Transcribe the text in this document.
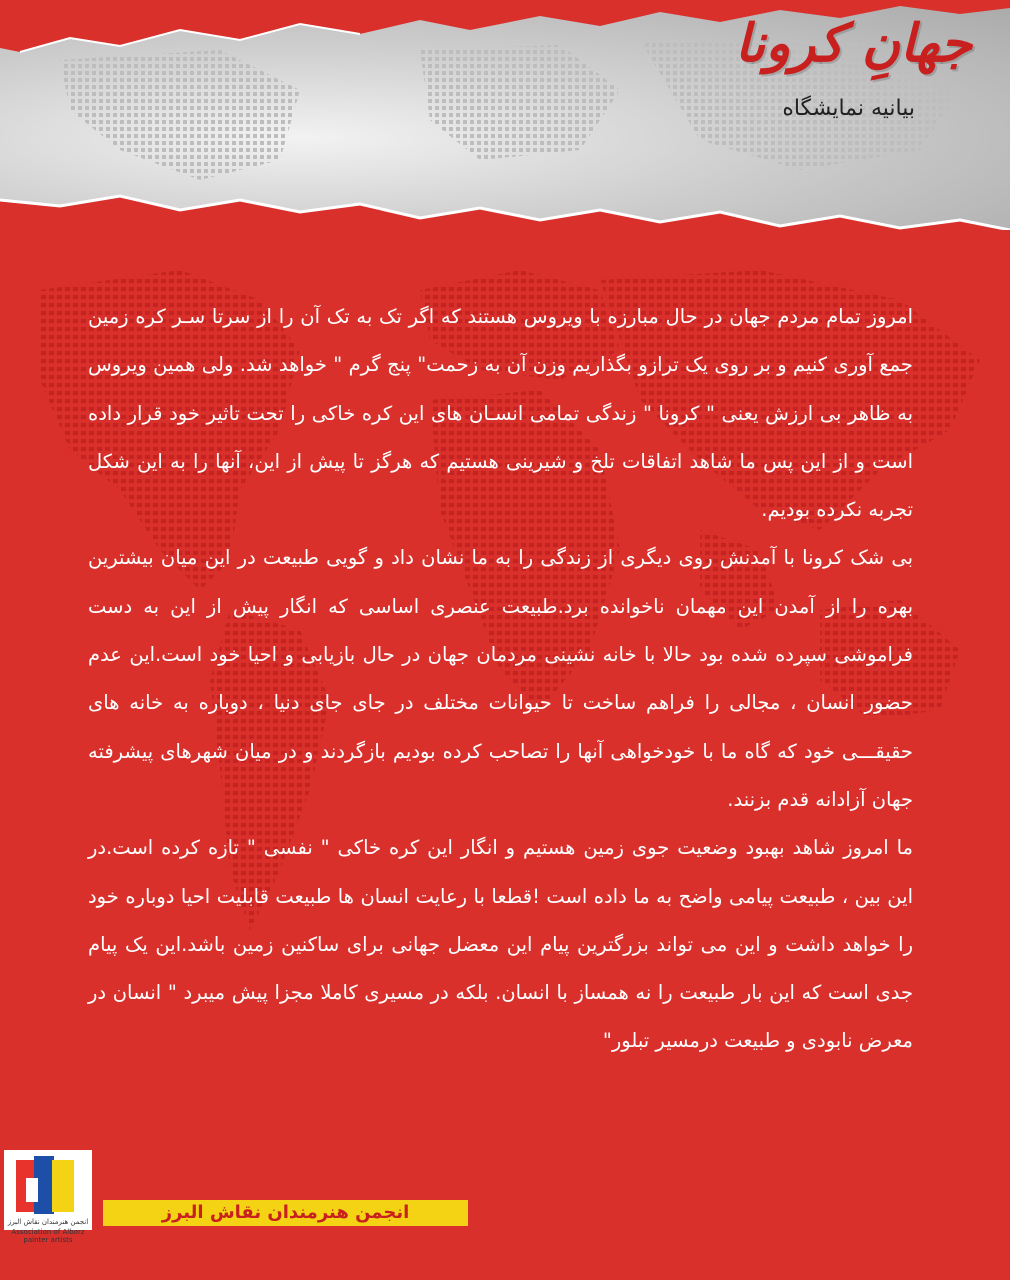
جهانِ کرونا
بیانیه نمایشگاه

امروز تمام مردم جهان در حال مبارزه با ویروس هستند که اگر تک به تک آن را از سرتا سـر کره زمین جمع آوری کنیم و بر روی یک ترازو بگذاریم وزن آن به زحمت" پنج گرم " خواهد شد. ولی همین ویروس به ظاهر بی ارزش یعنی " کرونا " زندگی تمامی انسـان های این کره خاکی را تحت تاثیر خود قرار داده است و از این پس ما شاهد اتفاقات تلخ و شیرینی هستیم که هرگز تا پیش از این، آنها را به این شکل تجربه نکرده بودیم.

بی شک کرونا با آمدنش روی دیگری از زندگی را به ما نشان داد و گویی طبیعت در این میان بیشترین بهره را از آمدن این مهمان ناخوانده برد.طبیعت عنصری اساسی که انگار پیش از این به دست فراموشی سپرده شده بود حالا با خانه نشینی مردمان جهان در حال بازیابی و احیا خود است.این عدم حضور انسان ، مجالی را فراهم ساخت تا حیوانات مختلف در جای جای دنیا ، دوباره به خانه های حقیقـــی خود که گاه ما با خودخواهی آنها را تصاحب کرده بودیم بازگردند و در میان شهرهای پیشرفته جهان آزادانه قدم بزنند.

ما امروز شاهد بهبود وضعیت جوی زمین هستیم و انگار این کره خاکی " نفسی " تازه کرده است.در این بین ، طبیعت پیامی واضح به ما داده است !قطعا با رعایت انسان ها طبیعت قابلیت احیا دوباره خود را خواهد داشت و این می تواند بزرگترین پیام این معضل جهانی برای ساکنین زمین باشد.این یک پیام جدی است که این بار طبیعت را نه همساز با انسان. بلکه در مسیری کاملا مجزا پیش میبرد " انسان در معرض نابودی و طبیعت درمسیر تبلور"

انجمن هنرمندان نقاش البرز
Association of Alborz painter artists
انجمن هنرمندان نقاش البرز
